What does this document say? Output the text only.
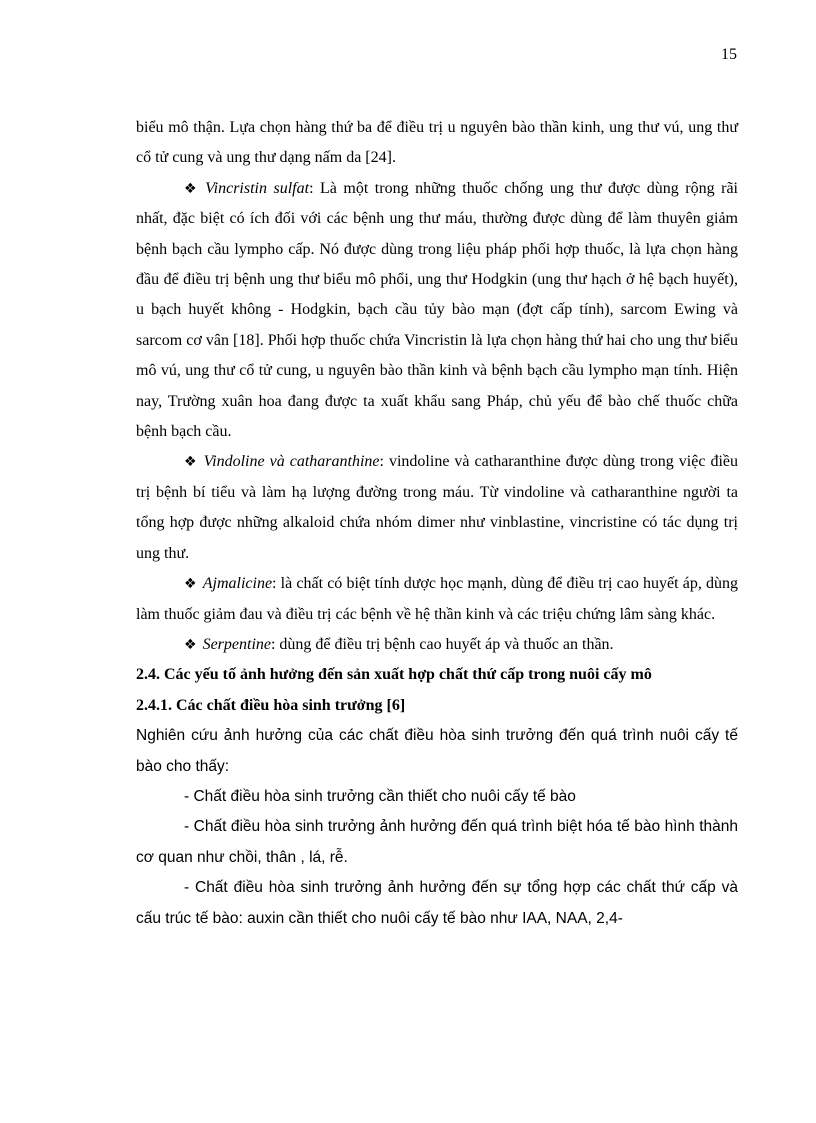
15

biểu mô thận. Lựa chọn hàng thứ ba để điều trị u nguyên bào thần kinh, ung thư vú, ung thư cổ tử cung và ung thư dạng nấm da [24].

❖ Vincristin sulfat: Là một trong những thuốc chống ung thư được dùng rộng rãi nhất, đặc biệt có ích đối với các bệnh ung thư máu, thường được dùng để làm thuyên giảm bệnh bạch cầu lympho cấp. Nó được dùng trong liệu pháp phối hợp thuốc, là lựa chọn hàng đầu để điều trị bệnh ung thư biểu mô phổi, ung thư Hodgkin (ung thư hạch ở hệ bạch huyết), u bạch huyết không - Hodgkin, bạch cầu tủy bào mạn (đợt cấp tính), sarcom Ewing và sarcom cơ vân [18]. Phối hợp thuốc chứa Vincristin là lựa chọn hàng thứ hai cho ung thư biểu mô vú, ung thư cổ tử cung, u nguyên bào thần kinh và bệnh bạch cầu lympho mạn tính. Hiện nay, Trường xuân hoa đang được ta xuất khẩu sang Pháp, chủ yếu để bào chế thuốc chữa bệnh bạch cầu.

❖ Vindoline và catharanthine: vindoline và catharanthine được dùng trong việc điều trị bệnh bí tiểu và làm hạ lượng đường trong máu. Từ vindoline và catharanthine người ta tổng hợp được những alkaloid chứa nhóm dimer như vinblastine, vincristine có tác dụng trị ung thư.

❖ Ajmalicine: là chất có biệt tính dược học mạnh, dùng để điều trị cao huyết áp, dùng làm thuốc giảm đau và điều trị các bệnh về hệ thần kinh và các triệu chứng lâm sàng khác.

❖ Serpentine: dùng để điều trị bệnh cao huyết áp và thuốc an thần.

2.4. Các yếu tố ảnh hưởng đến sản xuất hợp chất thứ cấp trong nuôi cấy mô

2.4.1. Các chất điều hòa sinh trưởng [6]

Nghiên cứu ảnh hưởng của các chất điều hòa sinh trưởng đến quá trình nuôi cấy tế bào cho thấy:

- Chất điều hòa sinh trưởng cần thiết cho nuôi cấy tế bào

- Chất điều hòa sinh trưởng ảnh hưởng đến quá trình biệt hóa tế bào hình thành cơ quan như chồi, thân , lá, rễ.

- Chất điều hòa sinh trưởng ảnh hưởng đến sự tổng hợp các chất thứ cấp và cấu trúc tế bào: auxin cần thiết cho nuôi cấy tế bào như IAA, NAA, 2,4-
